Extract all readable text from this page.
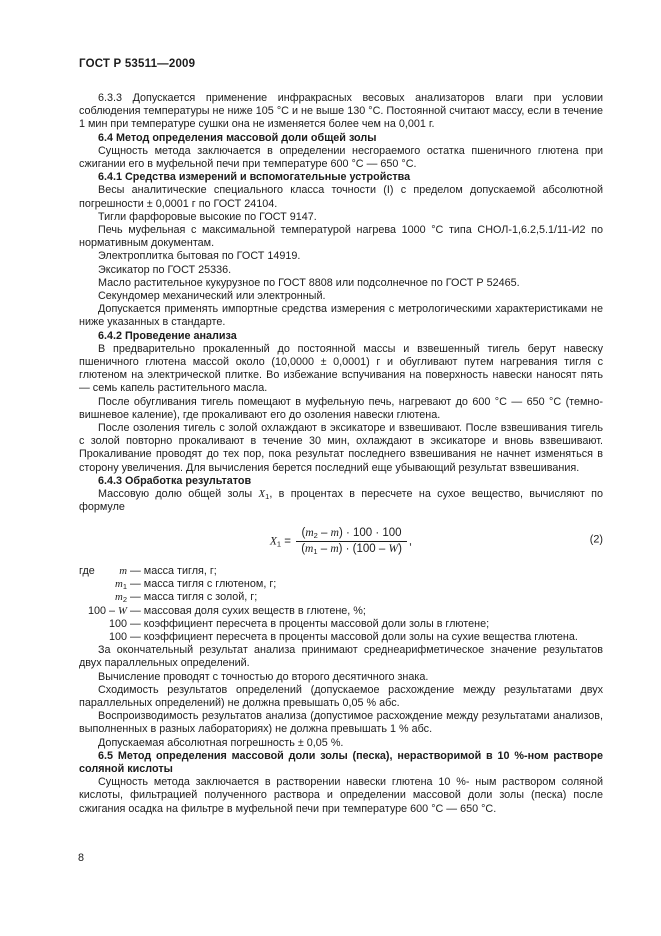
ГОСТ Р 53511—2009

6.3.3 Допускается применение инфракрасных весовых анализаторов влаги при условии соблюдения температуры не ниже 105 °С и не выше 130 °С. Постоянной считают массу, если в течение 1 мин при температуре сушки она не изменяется более чем на 0,001 г.

6.4 Метод определения массовой доли общей золы

Сущность метода заключается в определении несгораемого остатка пшеничного глютена при сжигании его в муфельной печи при температуре 600 °С — 650 °С.

6.4.1 Средства измерений и вспомогательные устройства

Весы аналитические специального класса точности (I) с пределом допускаемой абсолютной погрешности ± 0,0001 г по ГОСТ 24104.

Тигли фарфоровые высокие по ГОСТ 9147.

Печь муфельная с максимальной температурой нагрева 1000 °С типа СНОЛ-1,6.2,5.1/11-И2 по нормативным документам.

Электроплитка бытовая по ГОСТ 14919.

Эксикатор по ГОСТ 25336.

Масло растительное кукурузное по ГОСТ 8808 или подсолнечное по ГОСТ Р 52465.

Секундомер механический или электронный.

Допускается применять импортные средства измерения с метрологическими характеристиками не ниже указанных в стандарте.

6.4.2 Проведение анализа

В предварительно прокаленный до постоянной массы и взвешенный тигель берут навеску пшеничного глютена массой около (10,0000 ± 0,0001) г и обугливают путем нагревания тигля с глютеном на электрической плитке. Во избежание вспучивания на поверхность навески наносят пять — семь капель растительного масла.

После обугливания тигель помещают в муфельную печь, нагревают до 600 °С — 650 °С (темно-вишневое каление), где прокаливают его до озоления навески глютена.

После озоления тигель с золой охлаждают в эксикаторе и взвешивают. После взвешивания тигель с золой повторно прокаливают в течение 30 мин, охлаждают в эксикаторе и вновь взвешивают. Прокаливание проводят до тех пор, пока результат последнего взвешивания не начнет изменяться в сторону увеличения. Для вычисления берется последний еще убывающий результат взвешивания.

6.4.3 Обработка результатов

Массовую долю общей золы $X_1$, в процентах в пересчете на сухое вещество, вычисляют по формуле

$X_1 = \frac{(m_2 - m) \cdot 100 \cdot 100}{(m_1 - m) \cdot (100 - W)}$ ,	(2)
где	m — масса тигля, г;
$m_1$ — масса тигля с глютеном, г;
$m_2$ — масса тигля с золой, г;
100 – W — массовая доля сухих веществ в глютене, %;
100 — коэффициент пересчета в проценты массовой доли золы в глютене;
100 — коэффициент пересчета в проценты массовой доли золы на сухие вещества глютена.

За окончательный результат анализа принимают среднеарифметическое значение результатов двух параллельных определений.

Вычисление проводят с точностью до второго десятичного знака.

Сходимость результатов определений (допускаемое расхождение между результатами двух параллельных определений) не должна превышать 0,05 % абс.

Воспроизводимость результатов анализа (допустимое расхождение между результатами анализов, выполненных в разных лабораториях) не должна превышать 1 % абс.

Допускаемая абсолютная погрешность ± 0,05 %.

6.5 Метод определения массовой доли золы (песка), нерастворимой в 10 %-ном растворе соляной кислоты

Сущность метода заключается в растворении навески глютена 10 %- ным раствором соляной кислоты, фильтрацией полученного раствора и определении массовой доли золы (песка) после сжигания осадка на фильтре в муфельной печи при температуре 600 °С — 650 °С.

8
